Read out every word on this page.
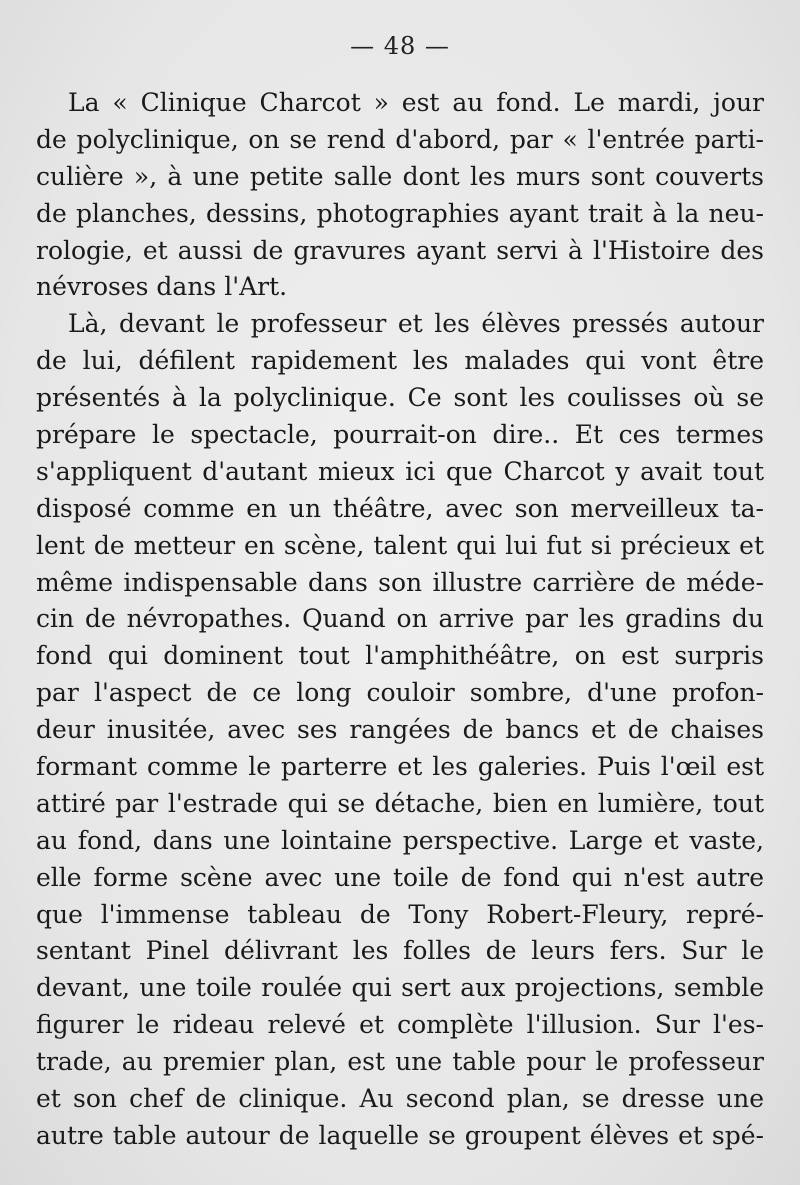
— 48 —
La « Clinique Charcot » est au fond. Le mardi, jour
de polyclinique, on se rend d'abord, par « l'entrée parti-
culière », à une petite salle dont les murs sont couverts
de planches, dessins, photographies ayant trait à la neu-
rologie, et aussi de gravures ayant servi à l'Histoire des
névroses dans l'Art.
Là, devant le professeur et les élèves pressés autour
de lui, défilent rapidement les malades qui vont être
présentés à la polyclinique. Ce sont les coulisses où se
prépare le spectacle, pourrait-on dire.. Et ces termes
s'appliquent d'autant mieux ici que Charcot y avait tout
disposé comme en un théâtre, avec son merveilleux ta-
lent de metteur en scène, talent qui lui fut si précieux et
même indispensable dans son illustre carrière de méde-
cin de névropathes. Quand on arrive par les gradins du
fond qui dominent tout l'amphithéâtre, on est surpris
par l'aspect de ce long couloir sombre, d'une profon-
deur inusitée, avec ses rangées de bancs et de chaises
formant comme le parterre et les galeries. Puis l'œil est
attiré par l'estrade qui se détache, bien en lumière, tout
au fond, dans une lointaine perspective. Large et vaste,
elle forme scène avec une toile de fond qui n'est autre
que l'immense tableau de Tony Robert-Fleury, repré-
sentant Pinel délivrant les folles de leurs fers. Sur le
devant, une toile roulée qui sert aux projections, semble
figurer le rideau relevé et complète l'illusion. Sur l'es-
trade, au premier plan, est une table pour le professeur
et son chef de clinique. Au second plan, se dresse une
autre table autour de laquelle se groupent élèves et spé-
